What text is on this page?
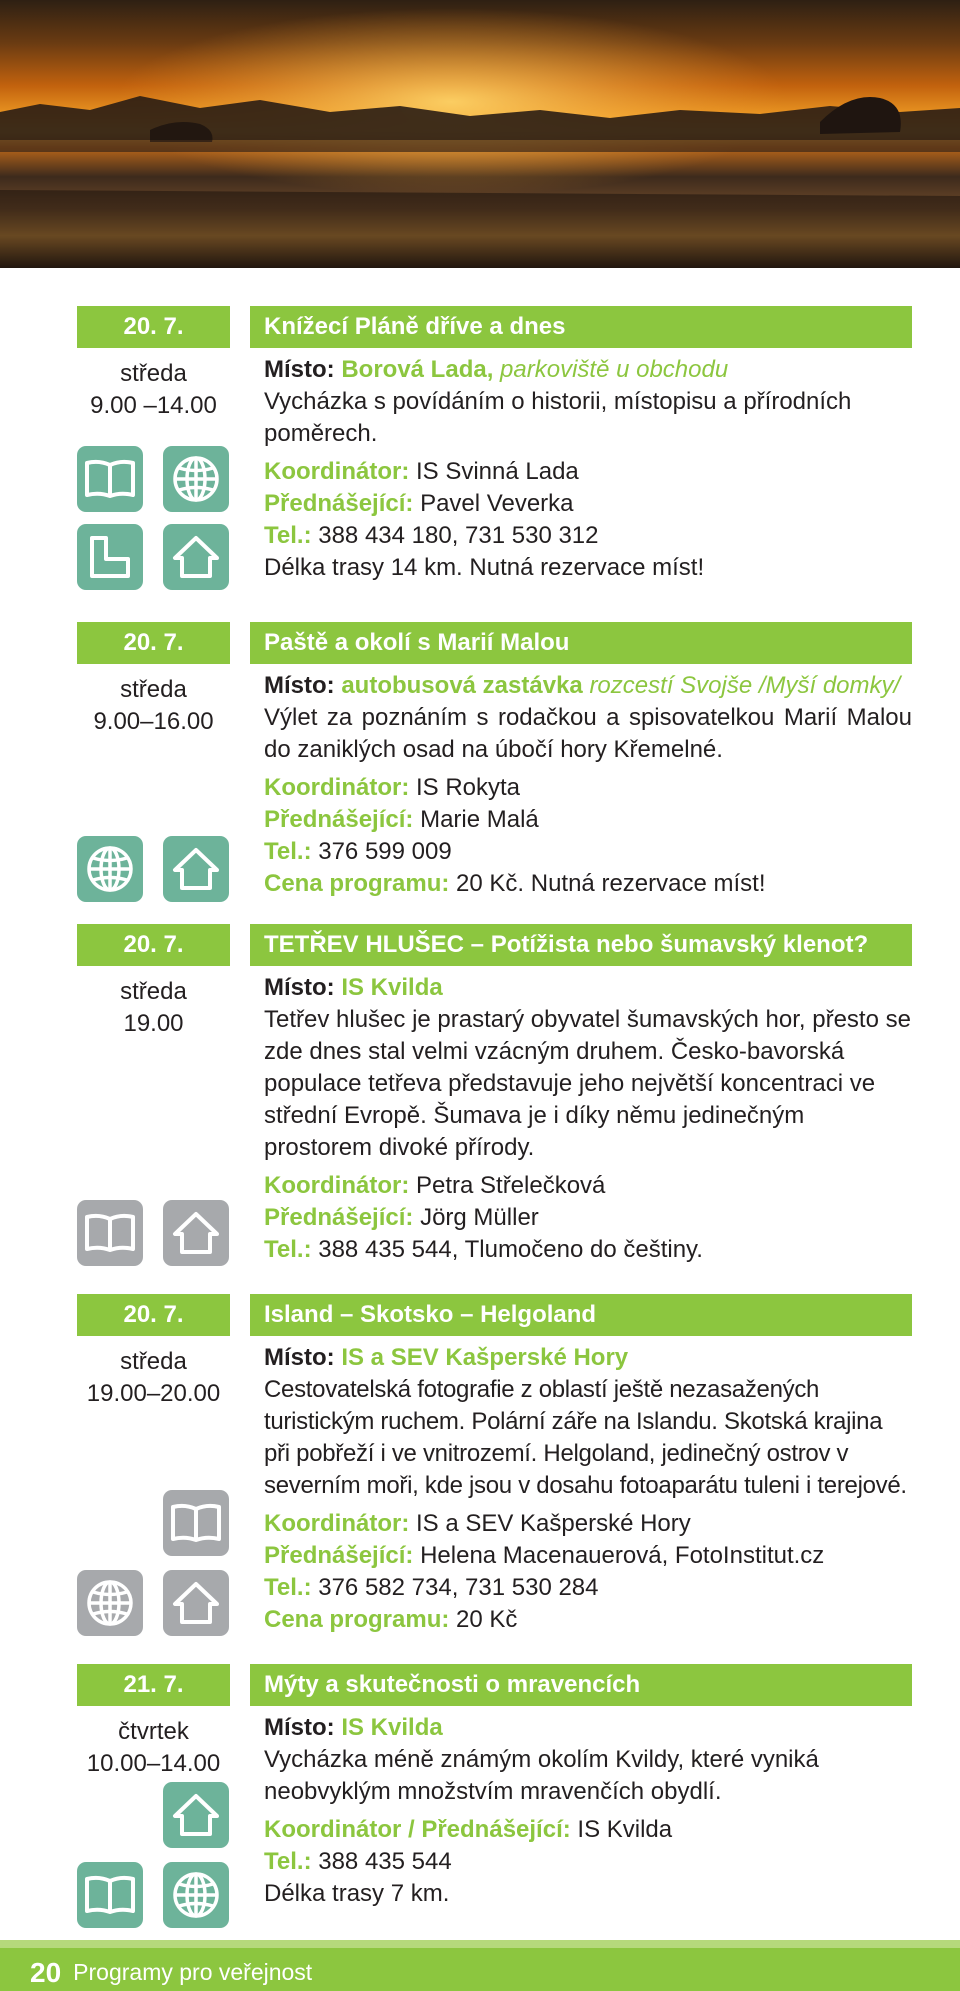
20. 7.
středa
9.00 –14.00
Knížecí Pláně dříve a dnes

Místo: Borová Lada, parkoviště u obchodu

Vycházka s povídáním o historii, místopisu a přírodních poměrech.

Koordinátor: IS Svinná Lada

Přednášející: Pavel Veverka

Tel.: 388 434 180, 731 530 312

Délka trasy 14 km. Nutná rezervace míst!

20. 7.
středa
9.00–16.00
Paště a okolí s Marií Malou

Místo: autobusová zastávka rozcestí Svojše /Myší domky/

Výlet za poznáním s rodačkou a spisovatelkou Marií Malou do zaniklých osad na úbočí hory Křemelné.

Koordinátor: IS Rokyta

Přednášející: Marie Malá

Tel.: 376 599 009

Cena programu: 20 Kč. Nutná rezervace míst!

20. 7.
středa
19.00
TETŘEV HLUŠEC – Potížista nebo šumavský klenot?

Místo: IS Kvilda

Tetřev hlušec je prastarý obyvatel šumavských hor, přesto se zde dnes stal velmi vzácným druhem. Česko-bavorská populace tetřeva představuje jeho největší koncentraci ve střední Evropě. Šumava je i díky němu jedinečným prostorem divoké přírody.

Koordinátor: Petra Střelečková

Přednášející: Jörg Müller

Tel.: 388 435 544, Tlumočeno do češtiny.

20. 7.
středa
19.00–20.00
Island – Skotsko – Helgoland

Místo: IS a SEV Kašperské Hory

Cestovatelská fotografie z oblastí ještě nezasažených turistickým ruchem. Polární záře na Islandu. Skotská krajina při pobřeží i ve vnitrozemí. Helgoland, jedinečný ostrov v severním moři, kde jsou v dosahu fotoaparátu tuleni i terejové.

Koordinátor: IS a SEV Kašperské Hory

Přednášející: Helena Macenauerová, FotoInstitut.cz

Tel.: 376 582 734, 731 530 284

Cena programu: 20 Kč

21. 7.
čtvrtek
10.00–14.00
Mýty a skutečnosti o mravencích

Místo: IS Kvilda

Vycházka méně známým okolím Kvildy, které vyniká neobvyklým množstvím mravenčích obydlí.

Koordinátor / Přednášející: IS Kvilda

Tel.: 388 435 544

Délka trasy 7 km.

20 Programy pro veřejnost
